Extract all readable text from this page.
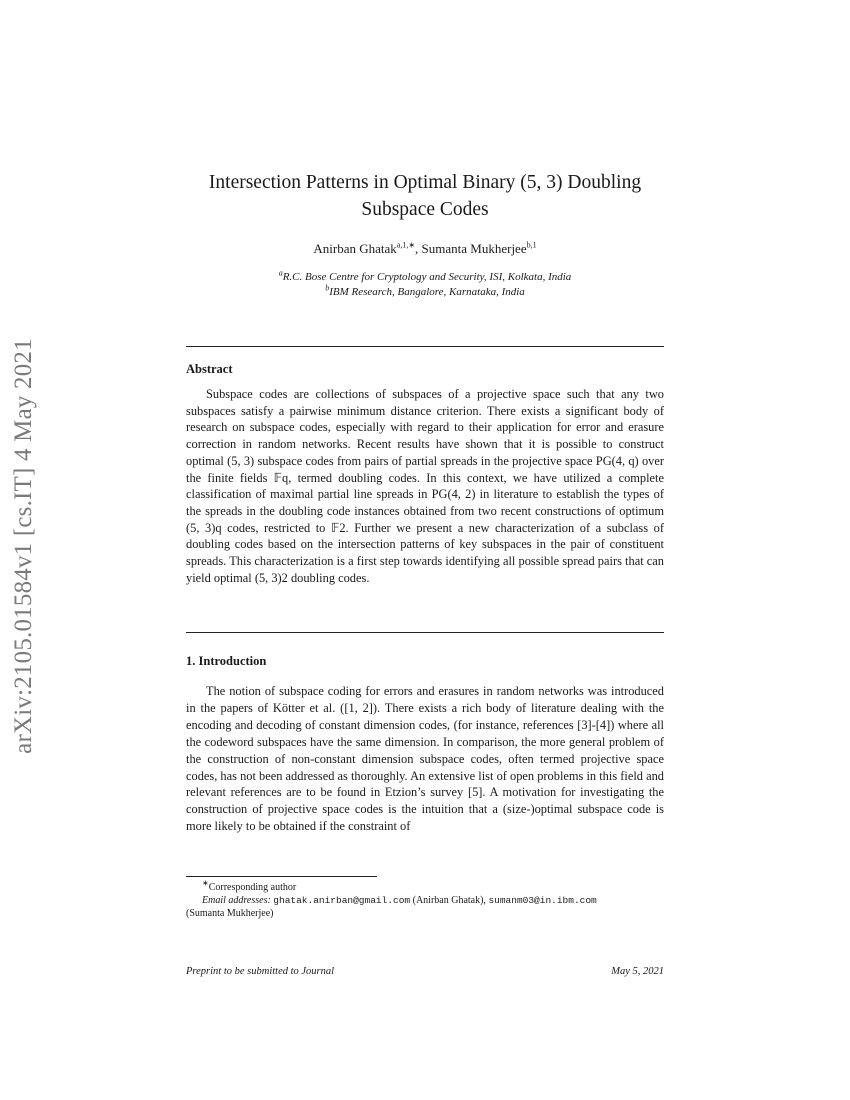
arXiv:2105.01584v1 [cs.IT] 4 May 2021
Intersection Patterns in Optimal Binary (5, 3) Doubling
Subspace Codes
Anirban Ghatak$^{a,1,∗}$, Sumanta Mukherjee$^{b,1}$
$^a$R.C. Bose Centre for Cryptology and Security, ISI, Kolkata, India
$^b$IBM Research, Bangalore, Karnataka, India
Abstract

Subspace codes are collections of subspaces of a projective space such that any two subspaces satisfy a pairwise minimum distance criterion. There exists a significant body of research on subspace codes, especially with regard to their application for error and erasure correction in random networks. Recent results have shown that it is possible to construct optimal (5, 3) subspace codes from pairs of partial spreads in the projective space PG(4, q) over the finite fields 𝔽q, termed doubling codes. In this context, we have utilized a complete classification of maximal partial line spreads in PG(4, 2) in literature to establish the types of the spreads in the doubling code instances obtained from two recent constructions of optimum (5, 3)q codes, restricted to 𝔽2. Further we present a new characterization of a subclass of doubling codes based on the intersection patterns of key subspaces in the pair of constituent spreads. This characterization is a first step towards identifying all possible spread pairs that can yield optimal (5, 3)2 doubling codes.

1. Introduction

The notion of subspace coding for errors and erasures in random networks was introduced in the papers of Kötter et al. ([1, 2]). There exists a rich body of literature dealing with the encoding and decoding of constant dimension codes, (for instance, references [3]-[4]) where all the codeword subspaces have the same dimension. In comparison, the more general problem of the construction of non-constant dimension subspace codes, often termed projective space codes, has not been addressed as thoroughly. An extensive list of open problems in this field and relevant references are to be found in Etzion’s survey [5]. A motivation for investigating the construction of projective space codes is the intuition that a (size-)optimal subspace code is more likely to be obtained if the constraint of

∗Corresponding author
Email addresses: ghatak.anirban@gmail.com (Anirban Ghatak), sumanm03@in.ibm.com
(Sumanta Mukherjee)
Preprint to be submitted to Journal	May 5, 2021
